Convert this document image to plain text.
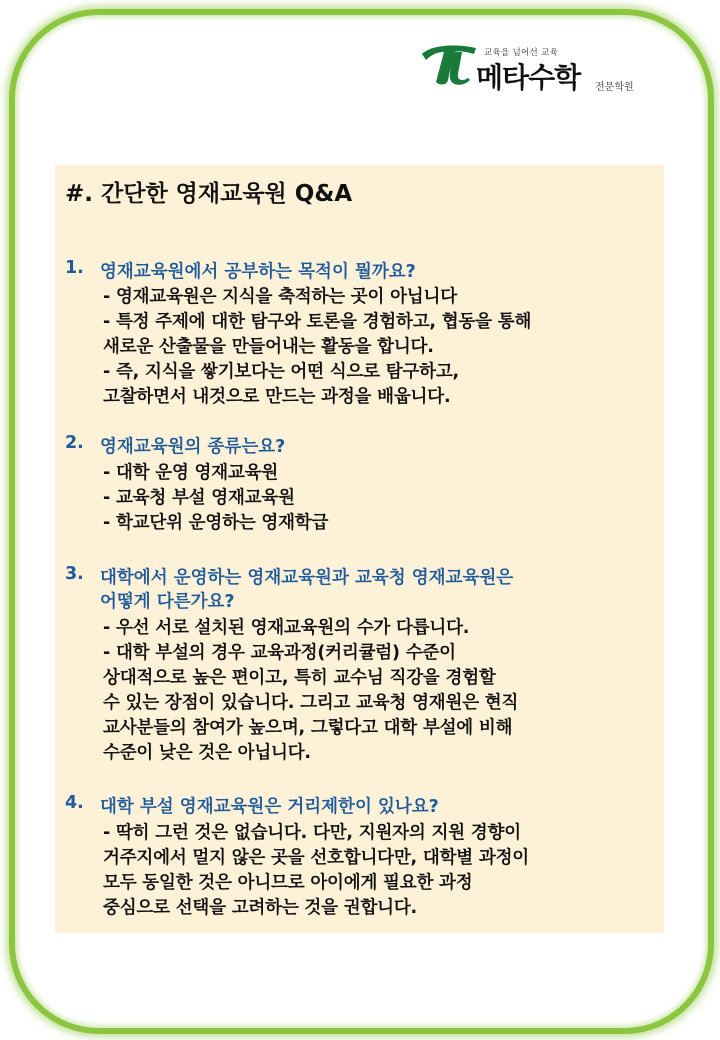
교육을 넘어선 교육
메타수학 전문학원
#. 간단한 영재교육원 Q&A
1. 영재교육원에서 공부하는 목적이 뭘까요?
- 영재교육원은 지식을 축적하는 곳이 아닙니다
- 특정 주제에 대한 탐구와 토론을 경험하고, 협동을 통해
새로운 산출물을 만들어내는 활동을 합니다.
- 즉, 지식을 쌓기보다는 어떤 식으로 탐구하고,
고찰하면서 내것으로 만드는 과정을 배웁니다.
2. 영재교육원의 종류는요?
- 대학 운영 영재교육원
- 교육청 부설 영재교육원
- 학교단위 운영하는 영재학급
3. 대학에서 운영하는 영재교육원과 교육청 영재교육원은
어떻게 다른가요?
- 우선 서로 설치된 영재교육원의 수가 다릅니다.
- 대학 부설의 경우 교육과정(커리큘럼) 수준이
상대적으로 높은 편이고, 특히 교수님 직강을 경험할
수 있는 장점이 있습니다. 그리고 교육청 영재원은 현직
교사분들의 참여가 높으며, 그렇다고 대학 부설에 비해
수준이 낮은 것은 아닙니다.
4. 대학 부설 영재교육원은 거리제한이 있나요?
- 딱히 그런 것은 없습니다. 다만, 지원자의 지원 경향이
거주지에서 멀지 않은 곳을 선호합니다만, 대학별 과정이
모두 동일한 것은 아니므로 아이에게 필요한 과정
중심으로 선택을 고려하는 것을 권합니다.
